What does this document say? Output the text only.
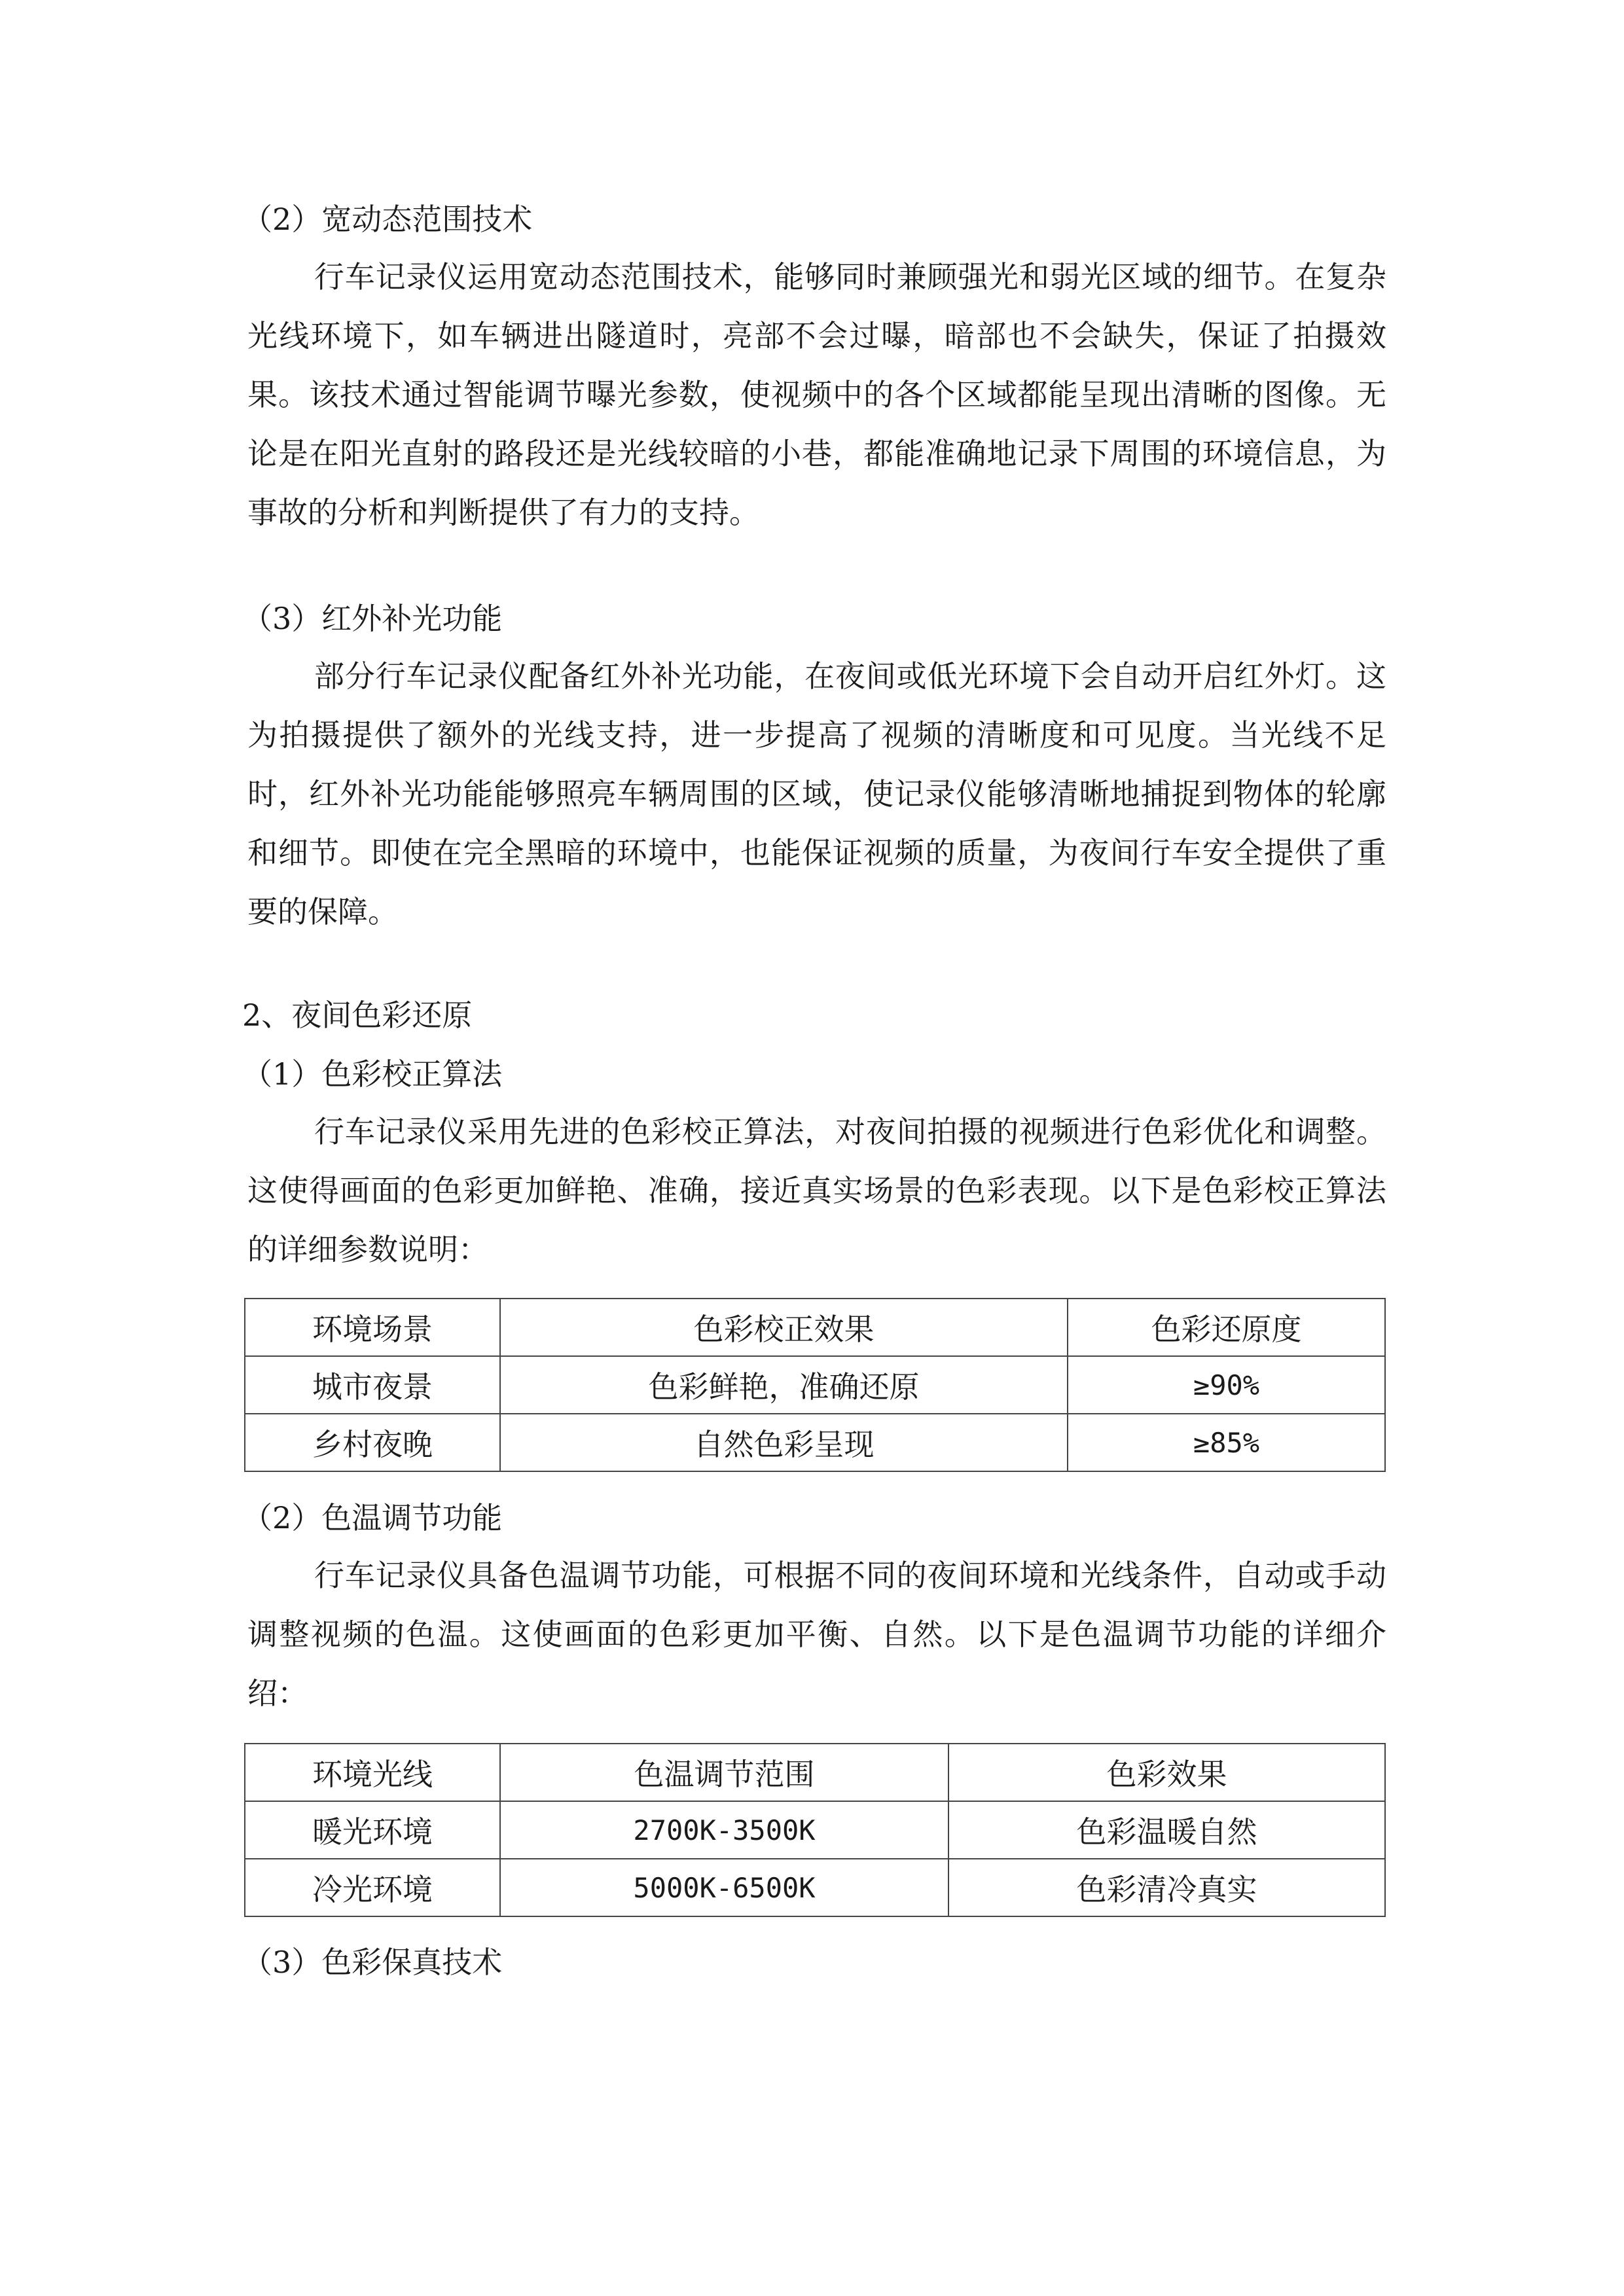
（2）宽动态范围技术

行车记录仪运用宽动态范围技术，能够同时兼顾强光和弱光区域的细节。在复杂光线环境下，如车辆进出隧道时，亮部不会过曝，暗部也不会缺失，保证了拍摄效果。该技术通过智能调节曝光参数，使视频中的各个区域都能呈现出清晰的图像。无论是在阳光直射的路段还是光线较暗的小巷，都能准确地记录下周围的环境信息，为事故的分析和判断提供了有力的支持。

（3）红外补光功能

部分行车记录仪配备红外补光功能，在夜间或低光环境下会自动开启红外灯。这为拍摄提供了额外的光线支持，进一步提高了视频的清晰度和可见度。当光线不足时，红外补光功能能够照亮车辆周围的区域，使记录仪能够清晰地捕捉到物体的轮廓和细节。即使在完全黑暗的环境中，也能保证视频的质量，为夜间行车安全提供了重要的保障。

2、夜间色彩还原
（1）色彩校正算法

行车记录仪采用先进的色彩校正算法，对夜间拍摄的视频进行色彩优化和调整。这使得画面的色彩更加鲜艳、准确，接近真实场景的色彩表现。以下是色彩校正算法的详细参数说明：

环境场景	色彩校正效果	色彩还原度
城市夜景	色彩鲜艳，准确还原	≥90%
乡村夜晚	自然色彩呈现	≥85%
（2）色温调节功能

行车记录仪具备色温调节功能，可根据不同的夜间环境和光线条件，自动或手动调整视频的色温。这使画面的色彩更加平衡、自然。以下是色温调节功能的详细介绍：

环境光线	色温调节范围	色彩效果
暖光环境	2700K-3500K	色彩温暖自然
冷光环境	5000K-6500K	色彩清冷真实
（3）色彩保真技术
